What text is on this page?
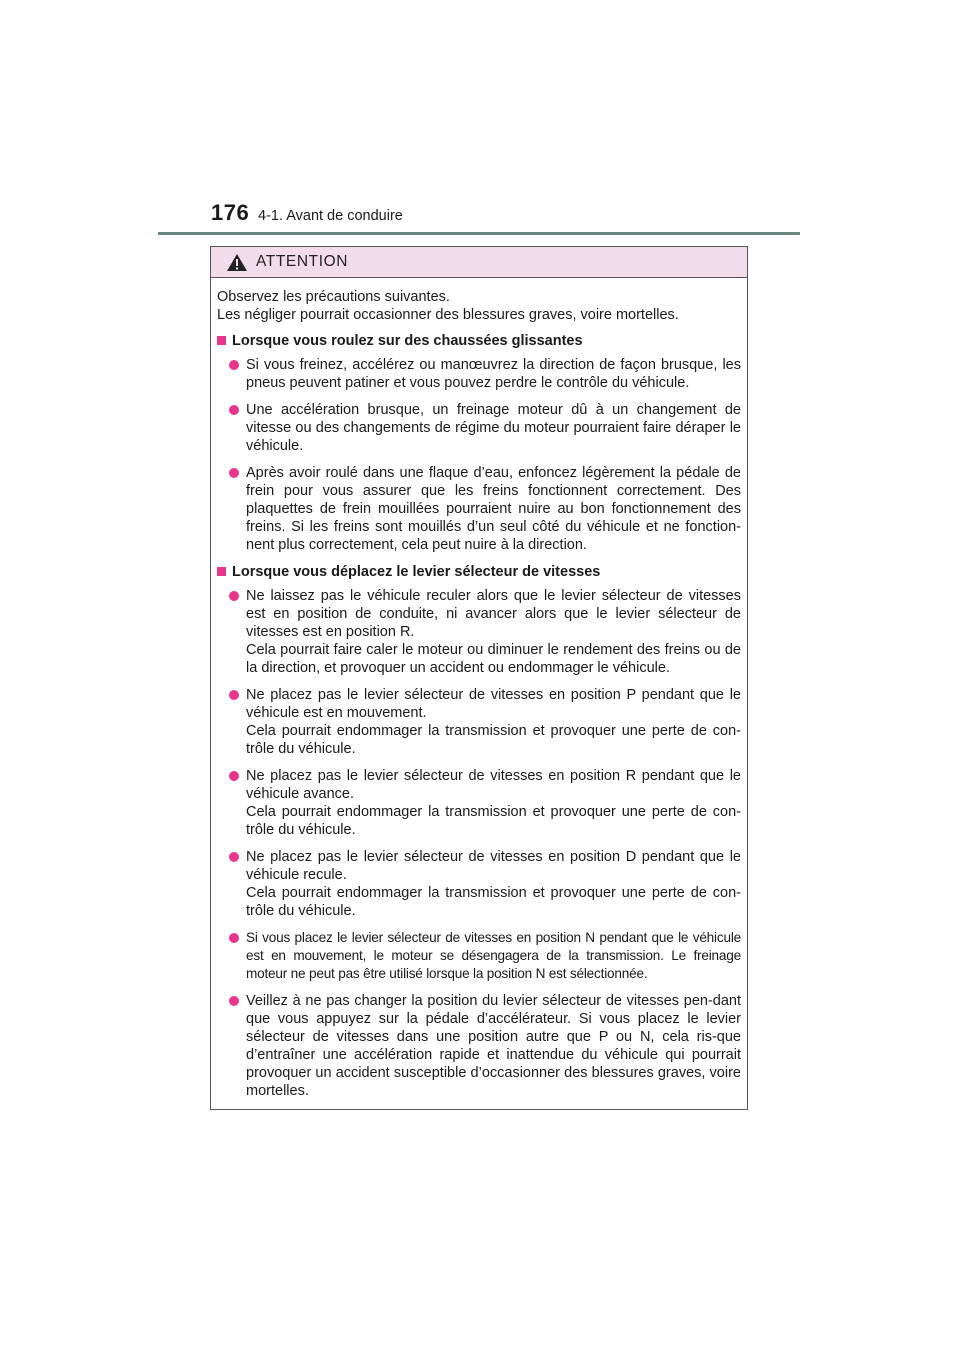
176 4-1. Avant de conduire
ATTENTION

Observez les précautions suivantes.

Les négliger pourrait occasionner des blessures graves, voire mortelles.

Lorsque vous roulez sur des chaussées glissantes

Si vous freinez, accélérez ou manœuvrez la direction de façon brusque, les pneus peuvent patiner et vous pouvez perdre le contrôle du véhicule.

Une accélération brusque, un freinage moteur dû à un changement de vitesse ou des changements de régime du moteur pourraient faire déraper le véhicule.

Après avoir roulé dans une flaque d’eau, enfoncez légèrement la pédale de frein pour vous assurer que les freins fonctionnent correctement. Des plaquettes de frein mouillées pourraient nuire au bon fonctionnement des freins. Si les freins sont mouillés d’un seul côté du véhicule et ne fonction-nent plus correctement, cela peut nuire à la direction.

Lorsque vous déplacez le levier sélecteur de vitesses

Ne laissez pas le véhicule reculer alors que le levier sélecteur de vitesses est en position de conduite, ni avancer alors que le levier sélecteur de vitesses est en position R.

Cela pourrait faire caler le moteur ou diminuer le rendement des freins ou de la direction, et provoquer un accident ou endommager le véhicule.

Ne placez pas le levier sélecteur de vitesses en position P pendant que le véhicule est en mouvement.

Cela pourrait endommager la transmission et provoquer une perte de con-trôle du véhicule.

Ne placez pas le levier sélecteur de vitesses en position R pendant que le véhicule avance.

Cela pourrait endommager la transmission et provoquer une perte de con-trôle du véhicule.

Ne placez pas le levier sélecteur de vitesses en position D pendant que le véhicule recule.

Cela pourrait endommager la transmission et provoquer une perte de con-trôle du véhicule.

Si vous placez le levier sélecteur de vitesses en position N pendant que le véhicule est en mouvement, le moteur se désengagera de la transmission. Le freinage moteur ne peut pas être utilisé lorsque la position N est sélectionnée.

Veillez à ne pas changer la position du levier sélecteur de vitesses pen-dant que vous appuyez sur la pédale d’accélérateur. Si vous placez le levier sélecteur de vitesses dans une position autre que P ou N, cela ris-que d’entraîner une accélération rapide et inattendue du véhicule qui pourrait provoquer un accident susceptible d’occasionner des blessures graves, voire mortelles.
